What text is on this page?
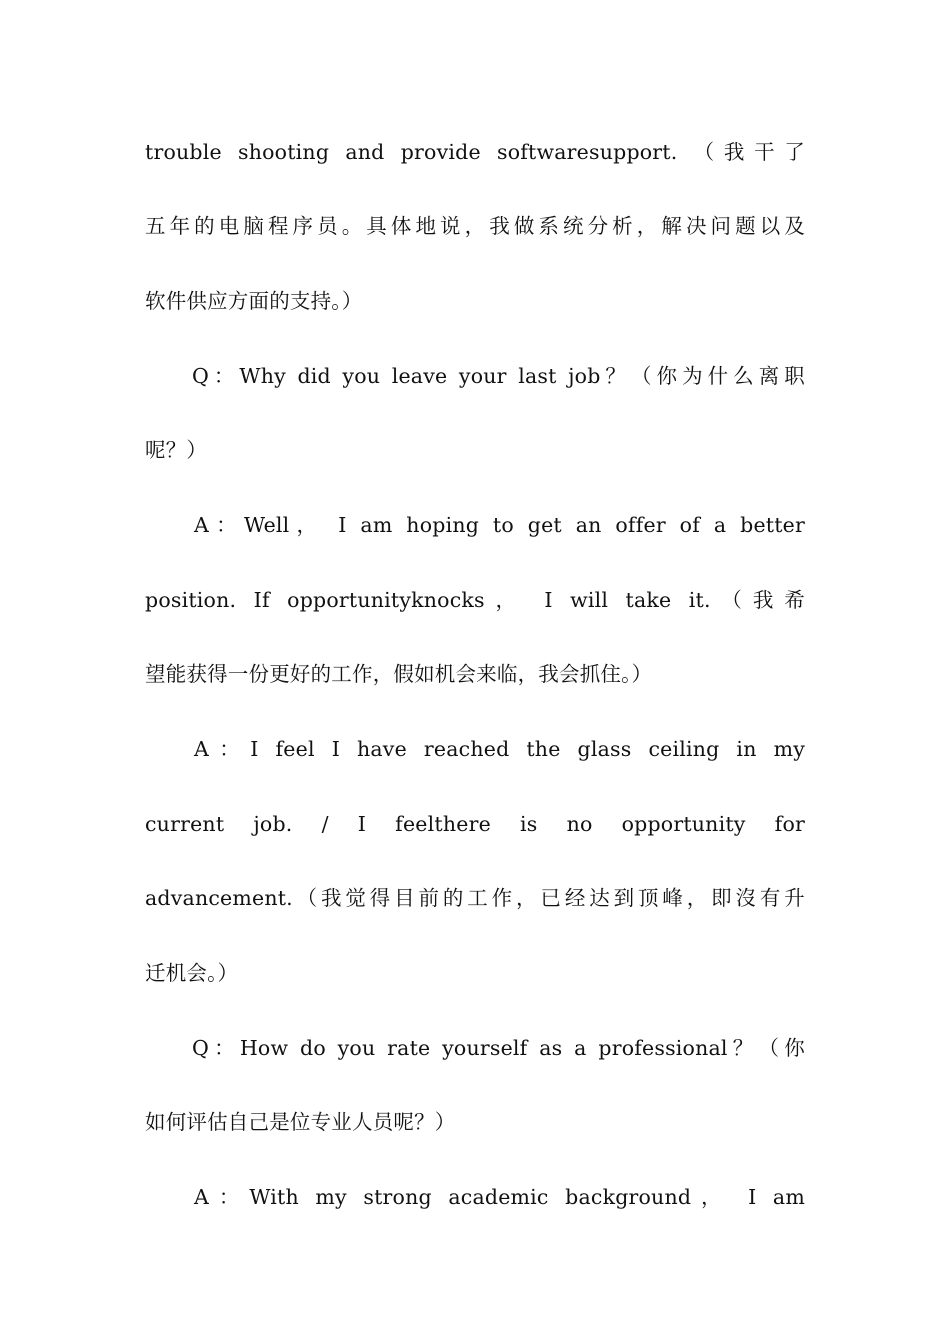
trouble shooting and provide softwaresupport. （我干了

五年的电脑程序员。具体地说，我做系统分析，解决问题以及

软件供应方面的支持。）

Q：Why did you leave your last job？（你为什么离职

呢？）

A：Well， I am hoping to get an offer of a better

position. If opportunityknocks， I will take it.（我希

望能获得一份更好的工作，假如机会来临，我会抓住。）

A：I feel I have reached the glass ceiling in my

current job. / I feelthere is no opportunity for

advancement.（我觉得目前的工作，已经达到顶峰，即沒有升

迁机会。）

Q：How do you rate yourself as a professional？（你

如何评估自己是位专业人员呢？）

A：With my strong academic background， I am
